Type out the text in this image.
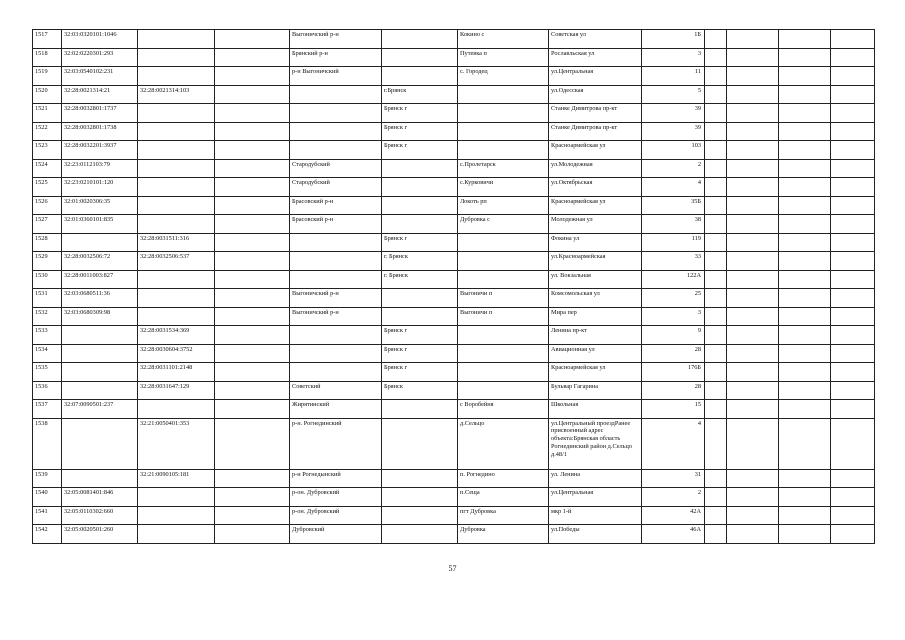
1517	32:03:0320101:1046			Выгоничский р-н		Кокино с	Советская ул	1Б				
1518	32:02:0220301:293			Брянский р-н		Путевка п	Рославльская ул	3				
1519	32:03:0540102:231			р-н Выгоничский		с. Городец	ул.Центральная	11				
1520	32:28:0021314:21	32:28:0021314:103			г.Брянск		ул.Одесская	5				
1521	32:28:0032801:1737				Брянск г		Станке Димитрова пр-кт	39				
1522	32:28:0032801:1738				Брянск г		Станке Димитрова пр-кт	39				
1523	32:28:0032201:3937				Брянск г		Красноармейская ул	103				
1524	32:23:0112103:79			Стародубский		с.Пролетарск	ул.Молодежная	2				
1525	32:23:0210101:120			Стародубский		с.Курковичи	ул.Октябрьская	4				
1526	32:01:0020306:35			Брасовский р-н		Локоть рп	Красноармейская ул	35Б				
1527	32:01:0360101:835			Брасовский р-н		Дубровка с	Молодежная ул	38				
1528		32:28:0031511:316			Брянск г		Фокина ул	119				
1529	32:28:0032506:72	32:28:0032506:537			г. Брянск		ул.Красноармейская	33				
1530	32:28:0011003:827				г. Брянск		ул. Вокзальная	122А				
1531	32:03:0680511:36			Выгоничский р-н		Выгоничи п	Комсомольская ул	25				
1532	32:03:0680309:98			Выгоничский р-н		Выгоничи п	Мира пер	3				
1533		32:28:0031534:369			Брянск г		Ленина пр-кт	9				
1534		32:28:0030604:3752			Брянск г		Авиационная ул	28				
1535		32:28:0031101:2148			Брянск г		Красноармейская ул	176Б				
1536		32:28:0031647:129		Советский	Брянск		Бульвар Гагарина	28				
1537	32:07:0090501:237			Жирятинский		с Воробейня	Школьная	15				
1538		32:21:0050401:353		р-н. Рогнединский		д.Сельцо	ул.Центральный проездРанее присвоенный адрес объекта:Брянская область Рогнединский район д.Сельцо д.48/1	4				
1539		32:21:0090105:181		р-н Рогнедынский		п. Рогнедино	ул. Ленина	31				
1540	32:05:0081401:846			р-он. Дубровский		п.Сеща	ул.Центральная	2				
1541	32:05:0110302:660			р-он. Дубровский		пгт Дубровка	мкр 1-й	42А				
1542	32:05:0020501:260			Дубровский		Дубровка	ул.Победы	46А				
57
